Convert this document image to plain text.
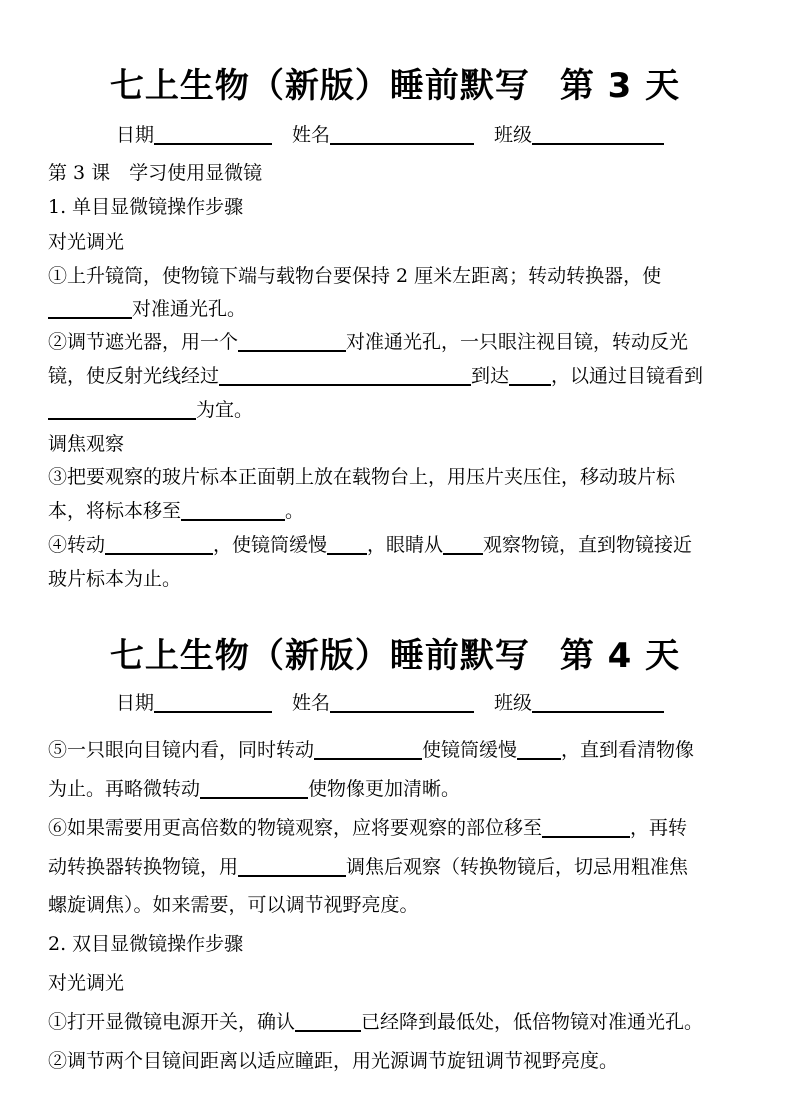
七上生物（新版）睡前默写 第 3 天
日期	姓名	班级
第 3 课　学习使用显微镜
1. 单目显微镜操作步骤
对光调光
①上升镜筒，使物镜下端与载物台要保持 2 厘米左距离；转动转换器，使
对准通光孔。
②调节遮光器，用一个	对准通光孔，一只眼注视目镜，转动反光
镜，使反射光线经过	到达 ，以通过目镜看到
为宜。
调焦观察
③把要观察的玻片标本正面朝上放在载物台上，用压片夹压住，移动玻片标
本，将标本移至	。
④转动	，使镜筒缓慢 ，眼睛从 观察物镜，直到物镜接近
玻片标本为止。
七上生物（新版）睡前默写 第 4 天
日期	姓名	班级
⑤一只眼向目镜内看，同时转动	使镜筒缓慢 ，直到看清物像
为止。再略微转动	使物像更加清晰。
⑥如果需要用更高倍数的物镜观察，应将要观察的部位移至	，再转
动转换器转换物镜，用	调焦后观察（转换物镜后，切忌用粗准焦
螺旋调焦）。如来需要，可以调节视野亮度。
2. 双目显微镜操作步骤
对光调光
①打开显微镜电源开关，确认	已经降到最低处，低倍物镜对准通光孔。
②调节两个目镜间距离以适应瞳距，用光源调节旋钮调节视野亮度。
